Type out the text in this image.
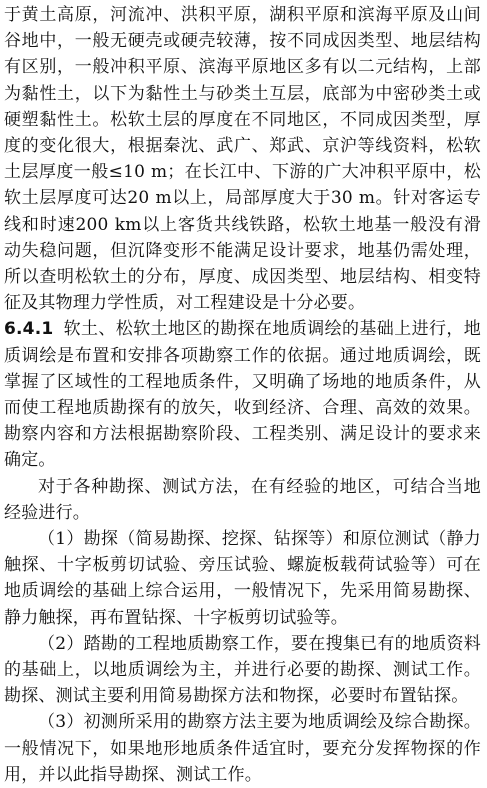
于黄土高原，河流冲、洪积平原，湖积平原和滨海平原及山间谷地中，一般无硬壳或硬壳较薄，按不同成因类型、地层结构有区别，一般冲积平原、滨海平原地区多有以二元结构，上部为黏性土，以下为黏性土与砂类土互层，底部为中密砂类土或硬塑黏性土。松软土层的厚度在不同地区，不同成因类型，厚度的变化很大，根据秦沈、武广、郑武、京沪等线资料，松软土层厚度一般≤10 m；在长江中、下游的广大冲积平原中，松软土层厚度可达20 m以上，局部厚度大于30 m。针对客运专线和时速200 km以上客货共线铁路，松软土地基一般没有滑动失稳问题，但沉降变形不能满足设计要求，地基仍需处理，所以查明松软土的分布，厚度、成因类型、地层结构、相变特征及其物理力学性质，对工程建设是十分必要。

6.4.1 软土、松软土地区的勘探在地质调绘的基础上进行，地质调绘是布置和安排各项勘察工作的依据。通过地质调绘，既掌握了区域性的工程地质条件，又明确了场地的地质条件，从而使工程地质勘探有的放矢，收到经济、合理、高效的效果。勘察内容和方法根据勘察阶段、工程类别、满足设计的要求来确定。

对于各种勘探、测试方法，在有经验的地区，可结合当地经验进行。

（1）勘探（简易勘探、挖探、钻探等）和原位测试（静力触探、十字板剪切试验、旁压试验、螺旋板载荷试验等）可在地质调绘的基础上综合运用，一般情况下，先采用简易勘探、静力触探，再布置钻探、十字板剪切试验等。

（2）踏勘的工程地质勘察工作，要在搜集已有的地质资料的基础上，以地质调绘为主，并进行必要的勘探、测试工作。勘探、测试主要利用简易勘探方法和物探，必要时布置钻探。

（3）初测所采用的勘察方法主要为地质调绘及综合勘探。一般情况下，如果地形地质条件适宜时，要充分发挥物探的作用，并以此指导勘探、测试工作。
